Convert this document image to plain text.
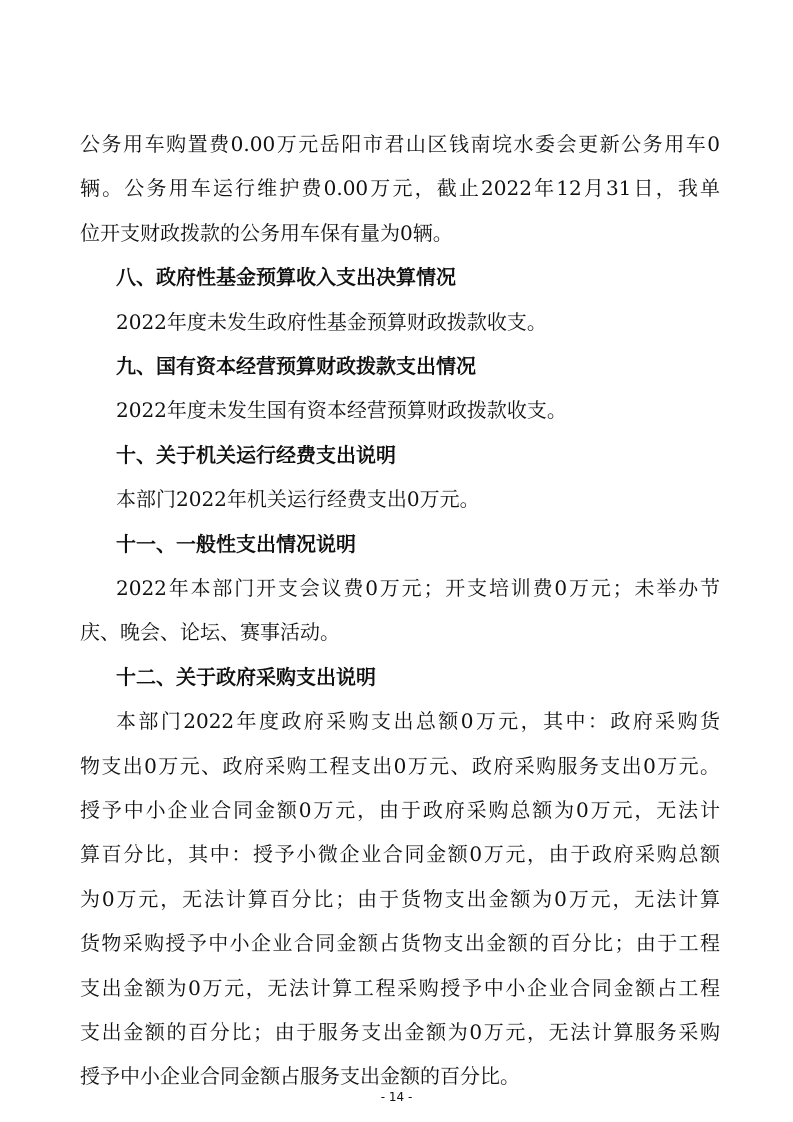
公务用车购置费0.00万元岳阳市君山区钱南垸水委会更新公务用车0
辆。公务用车运行维护费0.00万元，截止2022年12月31日，我单
位开支财政拨款的公务用车保有量为0辆。
八、政府性基金预算收入支出决算情况
2022年度未发生政府性基金预算财政拨款收支。
九、国有资本经营预算财政拨款支出情况
2022年度未发生国有资本经营预算财政拨款收支。
十、关于机关运行经费支出说明
本部门2022年机关运行经费支出0万元。
十一、一般性支出情况说明
2022年本部门开支会议费0万元；开支培训费0万元；未举办节
庆、晚会、论坛、赛事活动。
十二、关于政府采购支出说明
本部门2022年度政府采购支出总额0万元，其中：政府采购货
物支出0万元、政府采购工程支出0万元、政府采购服务支出0万元。
授予中小企业合同金额0万元，由于政府采购总额为0万元，无法计
算百分比，其中：授予小微企业合同金额0万元，由于政府采购总额
为0万元，无法计算百分比；由于货物支出金额为0万元，无法计算
货物采购授予中小企业合同金额占货物支出金额的百分比；由于工程
支出金额为0万元，无法计算工程采购授予中小企业合同金额占工程
支出金额的百分比；由于服务支出金额为0万元，无法计算服务采购
授予中小企业合同金额占服务支出金额的百分比。
- 14 -
